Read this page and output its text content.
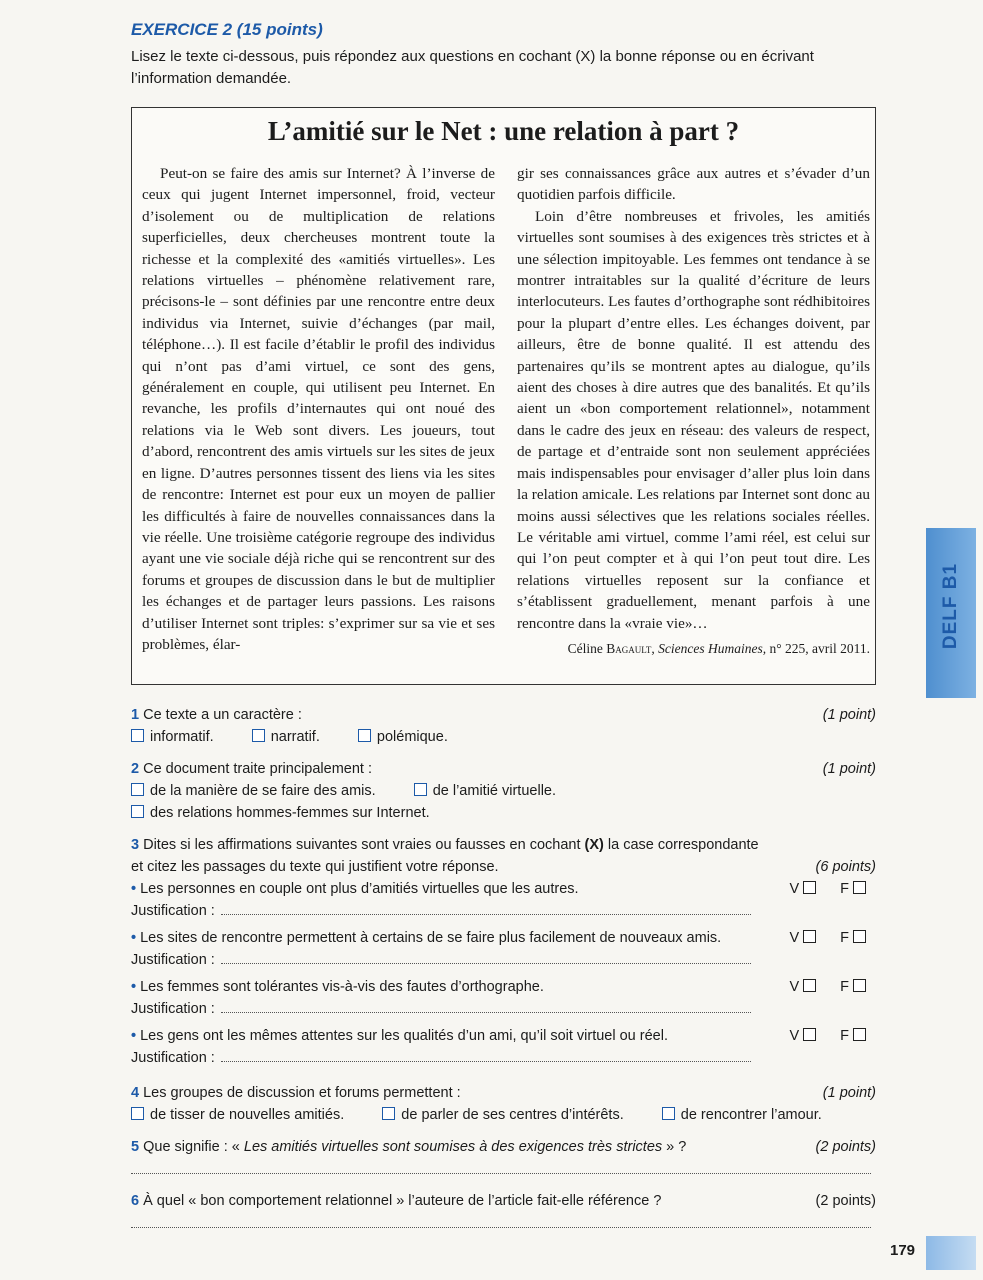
EXERCICE 2 (15 points)
Lisez le texte ci-dessous, puis répondez aux questions en cochant (X) la bonne réponse ou en écrivant l’information demandée.
L’amitié sur le Net : une relation à part ?

Peut-on se faire des amis sur Internet? À l’inverse de ceux qui jugent Internet impersonnel, froid, vecteur d’isolement ou de multiplication de relations superficielles, deux chercheuses montrent toute la richesse et la complexité des «amitiés virtuelles». Les relations virtuelles – phénomène relativement rare, précisons-le – sont définies par une rencontre entre deux individus via Internet, suivie d’échanges (par mail, téléphone…). Il est facile d’établir le profil des individus qui n’ont pas d’ami virtuel, ce sont des gens, généralement en couple, qui utilisent peu Internet. En revanche, les profils d’internautes qui ont noué des relations via le Web sont divers. Les joueurs, tout d’abord, rencontrent des amis virtuels sur les sites de jeux en ligne. D’autres personnes tissent des liens via les sites de rencontre: Internet est pour eux un moyen de pallier les difficultés à faire de nouvelles connaissances dans la vie réelle. Une troisième catégorie regroupe des individus ayant une vie sociale déjà riche qui se rencontrent sur des forums et groupes de discussion dans le but de multiplier les échanges et de partager leurs passions. Les raisons d’utiliser Internet sont triples: s’exprimer sur sa vie et ses problèmes, élar-

gir ses connaissances grâce aux autres et s’évader d’un quotidien parfois difficile.

Loin d’être nombreuses et frivoles, les amitiés virtuelles sont soumises à des exigences très strictes et à une sélection impitoyable. Les femmes ont tendance à se montrer intraitables sur la qualité d’écriture de leurs interlocuteurs. Les fautes d’orthographe sont rédhibitoires pour la plupart d’entre elles. Les échanges doivent, par ailleurs, être de bonne qualité. Il est attendu des partenaires qu’ils se montrent aptes au dialogue, qu’ils aient des choses à dire autres que des banalités. Et qu’ils aient un «bon comportement relationnel», notamment dans le cadre des jeux en réseau: des valeurs de respect, de partage et d’entraide sont non seulement appréciées mais indispensables pour envisager d’aller plus loin dans la relation amicale. Les relations par Internet sont donc au moins aussi sélectives que les relations sociales réelles. Le véritable ami virtuel, comme l’ami réel, est celui sur qui l’on peut compter et à qui l’on peut tout dire. Les relations virtuelles reposent sur la confiance et s’établissent graduellement, menant parfois à une rencontre dans la «vraie vie»…

Céline Bagault, Sciences Humaines, n° 225, avril 2011.
1 Ce texte a un caractère :	(1 point)
informatif.	narratif.	polémique.
2 Ce document traite principalement :	(1 point)
de la manière de se faire des amis.	de l’amitié virtuelle.
des relations hommes-femmes sur Internet.
3 Dites si les affirmations suivantes sont vraies ou fausses en cochant (X) la case correspondante
et citez les passages du texte qui justifient votre réponse.	(6 points)
• Les personnes en couple ont plus d’amitiés virtuelles que les autres.	V	F
Justification :
• Les sites de rencontre permettent à certains de se faire plus facilement de nouveaux amis.	V	F
Justification :
• Les femmes sont tolérantes vis-à-vis des fautes d’orthographe.	V	F
Justification :
• Les gens ont les mêmes attentes sur les qualités d’un ami, qu’il soit virtuel ou réel.	V	F
Justification :
4 Les groupes de discussion et forums permettent :	(1 point)
de tisser de nouvelles amitiés.	de parler de ses centres d’intérêts.	de rencontrer l’amour.
5 Que signifie : « Les amitiés virtuelles sont soumises à des exigences très strictes » ?	(2 points)
6 À quel « bon comportement relationnel » l’auteure de l’article fait-elle référence ?	(2 points)
DELF B1
179
